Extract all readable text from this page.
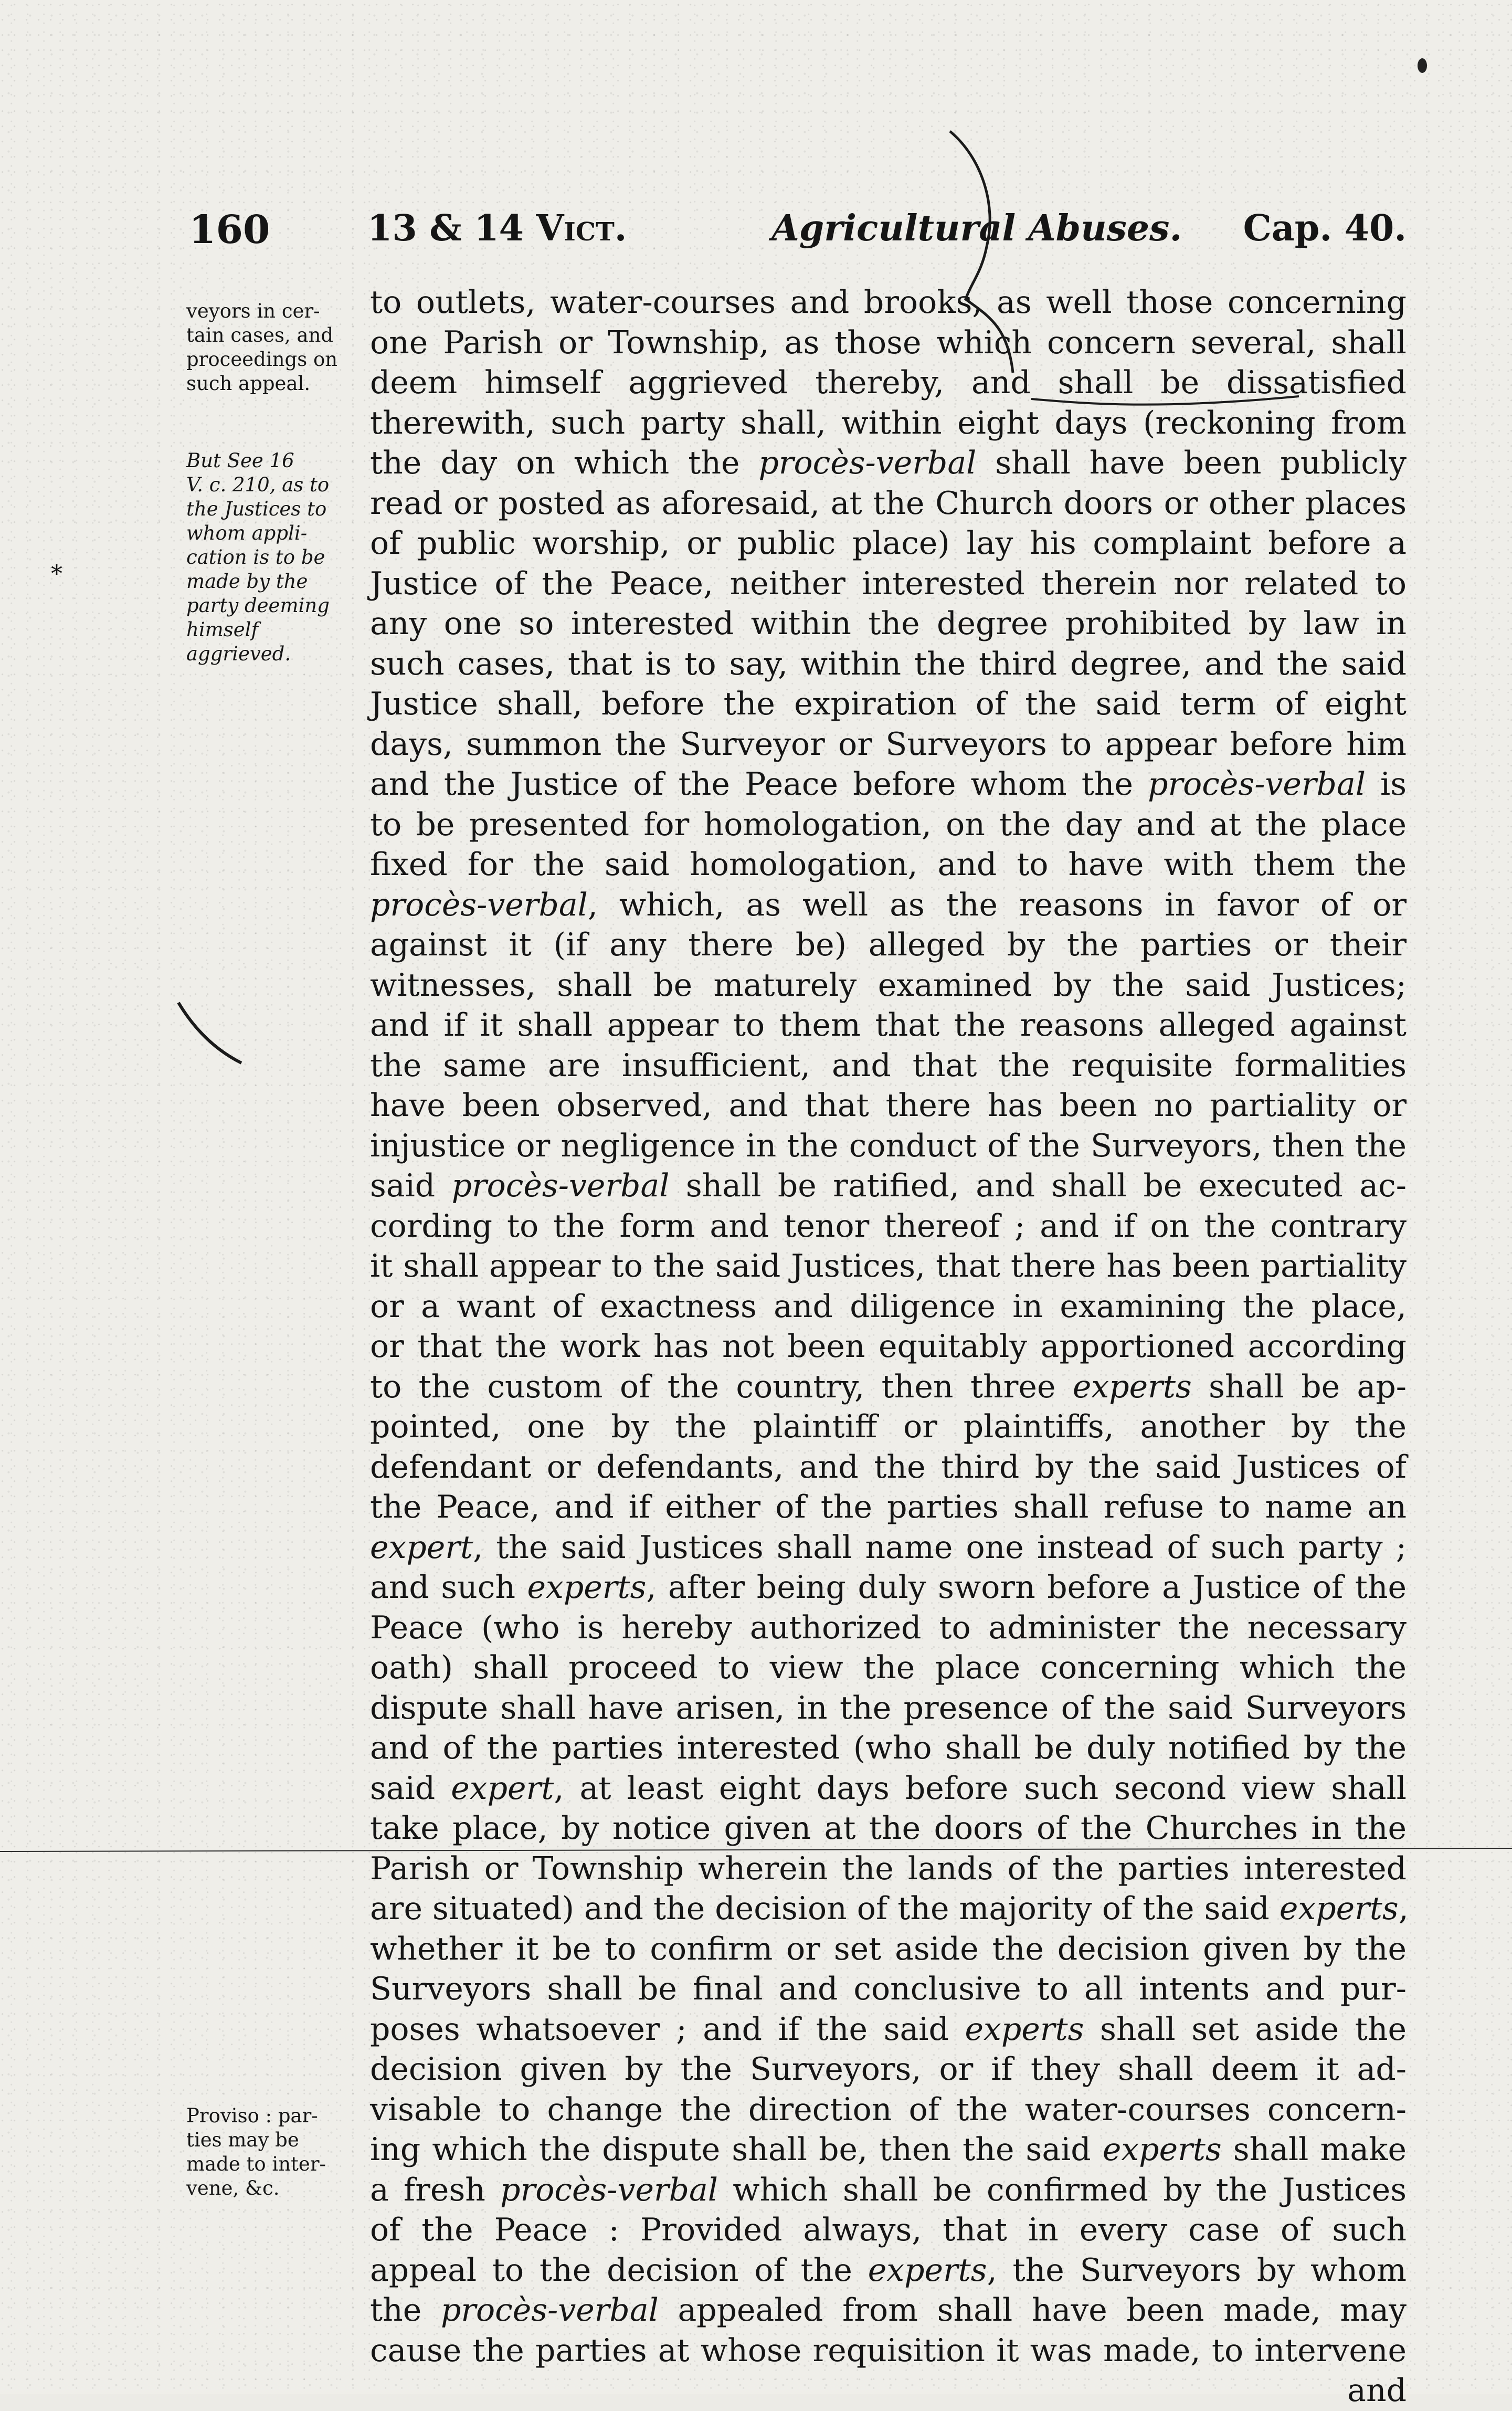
160	13 & 14 Vict.	Agricultural Abuses. Cap. 40.
veyors in cer-
tain cases, and
proceedings on
such appeal.
But See 16
V. c. 210, as to
the Justices to
whom appli-
cation is to be
made by the
party deeming
himself
aggrieved.
Proviso : par-
ties may be
made to inter-
vene, &c.
*
to outlets, water-courses and brooks, as well those concerning
one Parish or Township, as those which concern several, shall
deem himself aggrieved thereby, and shall be dissatisfied
therewith, such party shall, within eight days (reckoning from
the day on which the procès-verbal shall have been publicly
read or posted as aforesaid, at the Church doors or other places
of public worship, or public place) lay his complaint before a
Justice of the Peace, neither interested therein nor related to
any one so interested within the degree prohibited by law in
such cases, that is to say, within the third degree, and the said
Justice shall, before the expiration of the said term of eight
days, summon the Surveyor or Surveyors to appear before him
and the Justice of the Peace before whom the procès-verbal is
to be presented for homologation, on the day and at the place
fixed for the said homologation, and to have with them the
procès-verbal, which, as well as the reasons in favor of or
against it (if any there be) alleged by the parties or their
witnesses, shall be maturely examined by the said Justices;
and if it shall appear to them that the reasons alleged against
the same are insufficient, and that the requisite formalities
have been observed, and that there has been no partiality or
injustice or negligence in the conduct of the Surveyors, then the
said procès-verbal shall be ratified, and shall be executed ac-
cording to the form and tenor thereof ; and if on the contrary
it shall appear to the said Justices, that there has been partiality
or a want of exactness and diligence in examining the place,
or that the work has not been equitably apportioned according
to the custom of the country, then three experts shall be ap-
pointed, one by the plaintiff or plaintiffs, another by the
defendant or defendants, and the third by the said Justices of
the Peace, and if either of the parties shall refuse to name an
expert, the said Justices shall name one instead of such party ;
and such experts, after being duly sworn before a Justice of the
Peace (who is hereby authorized to administer the necessary
oath) shall proceed to view the place concerning which the
dispute shall have arisen, in the presence of the said Surveyors
and of the parties interested (who shall be duly notified by the
said expert, at least eight days before such second view shall
take place, by notice given at the doors of the Churches in the
Parish or Township wherein the lands of the parties interested
are situated) and the decision of the majority of the said experts,
whether it be to confirm or set aside the decision given by the
Surveyors shall be final and conclusive to all intents and pur-
poses whatsoever ; and if the said experts shall set aside the
decision given by the Surveyors, or if they shall deem it ad-
visable to change the direction of the water-courses concern-
ing which the dispute shall be, then the said experts shall make
a fresh procès-verbal which shall be confirmed by the Justices
of the Peace : Provided always, that in every case of such
appeal to the decision of the experts, the Surveyors by whom
the procès-verbal appealed from shall have been made, may
cause the parties at whose requisition it was made, to intervene
and
